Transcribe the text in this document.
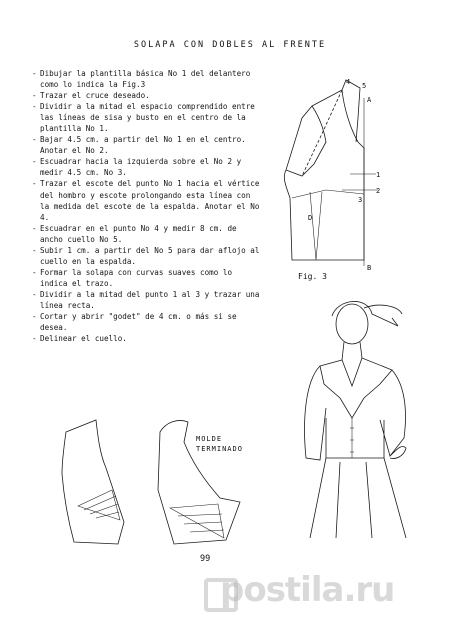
SOLAPA CON DOBLES AL FRENTE
- Dibujar la plantilla básica No 1 del delantero como lo indica la Fig.3
- Trazar el cruce deseado.
- Dividir a la mitad el espacio comprendido entre las líneas de sisa y busto en el centro de la plantilla No 1.
- Bajar 4.5 cm. a partir del No 1 en el centro. Anotar el No 2.
- Escuadrar hacia la izquierda sobre el No 2 y medir 4.5 cm. No 3.
- Trazar el escote del punto No 1 hacia el vértice del hombro y escote prolongando esta línea con la medida del escote de la espalda. Anotar el No 4.
- Escuadrar en el punto No 4 y medir 8 cm. de ancho cuello No 5.
- Subir 1 cm. a partir del No 5 para dar aflojo al cuello en la espalda.
- Formar la solapa con curvas suaves como lo indica el trazo.
- Dividir a la mitad del punto 1 al 3 y trazar una línea recta.
- Cortar y abrir "godet" de 4 cm. o más si se desea.
- Delinear el cuello.
A
B
D
1
2
3
4 5
Fig. 3
MOLDE TERMINADO
99
postila.ru
